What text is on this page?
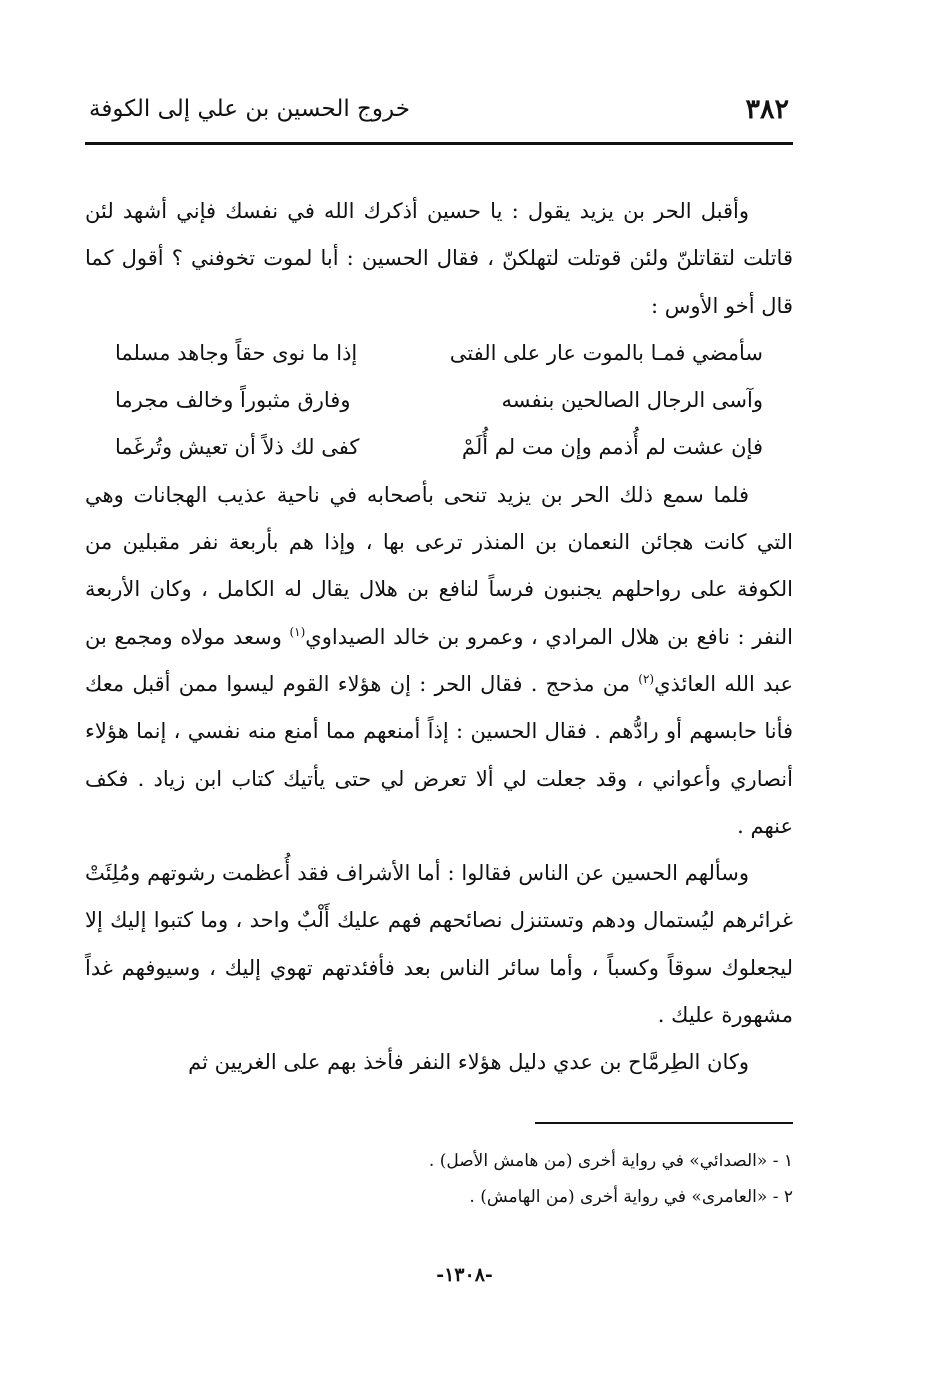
٣٨٢
خروج الحسين بن علي إلى الكوفة

وأقبل الحر بن يزيد يقول : يا حسين أذكرك الله في نفسك فإني أشهد لئن قاتلت لتقاتلنّ ولئن قوتلت لتهلكنّ ، فقال الحسين : أبا لموت تخوفني ؟ أقول كما قال أخو الأوس :

سأمضي فمـا بالموت عار على الفتى
إذا ما نوى حقاً وجاهد مسلما
وآسى الرجال الصالحين بنفسه
وفارق مثبوراً وخالف مجرما
فإن عشت لم أُذمم وإن مت لم أُلَمْ
كفى لك ذلاً أن تعيش وتُرغَما

فلما سمع ذلك الحر بن يزيد تنحى بأصحابه في ناحية عذيب الهجانات وهي التي كانت هجائن النعمان بن المنذر ترعى بها ، وإذا هم بأربعة نفر مقبلين من الكوفة على رواحلهم يجنبون فرساً لنافع بن هلال يقال له الكامل ، وكان الأربعة النفر : نافع بن هلال المرادي ، وعمرو بن خالد الصيداوي$^{(١)}$ وسعد مولاه ومجمع بن عبد الله العائذي$^{(٢)}$ من مذحج . فقال الحر : إن هؤلاء القوم ليسوا ممن أقبل معك فأنا حابسهم أو رادُّهم . فقال الحسين : إذاً أمنعهم مما أمنع منه نفسي ، إنما هؤلاء أنصاري وأعواني ، وقد جعلت لي ألا تعرض لي حتى يأتيك كتاب ابن زياد . فكف عنهم .

وسألهم الحسين عن الناس فقالوا : أما الأشراف فقد أُعظمت رشوتهم ومُلِئَتْ غرائرهم ليُستمال ودهم وتستنزل نصائحهم فهم عليك أَلْبٌ واحد ، وما كتبوا إليك إلا ليجعلوك سوقاً وكسباً ، وأما سائر الناس بعد فأفئدتهم تهوي إليك ، وسيوفهم غداً مشهورة عليك .

وكان الطِرمَّاح بن عدي دليل هؤلاء النفر فأخذ بهم على الغريين ثم

١ - «الصدائي» في رواية أخرى (من هامش الأصل) .

٢ - «العامرى» في رواية أخرى (من الهامش) .

-١٣٠٨-
